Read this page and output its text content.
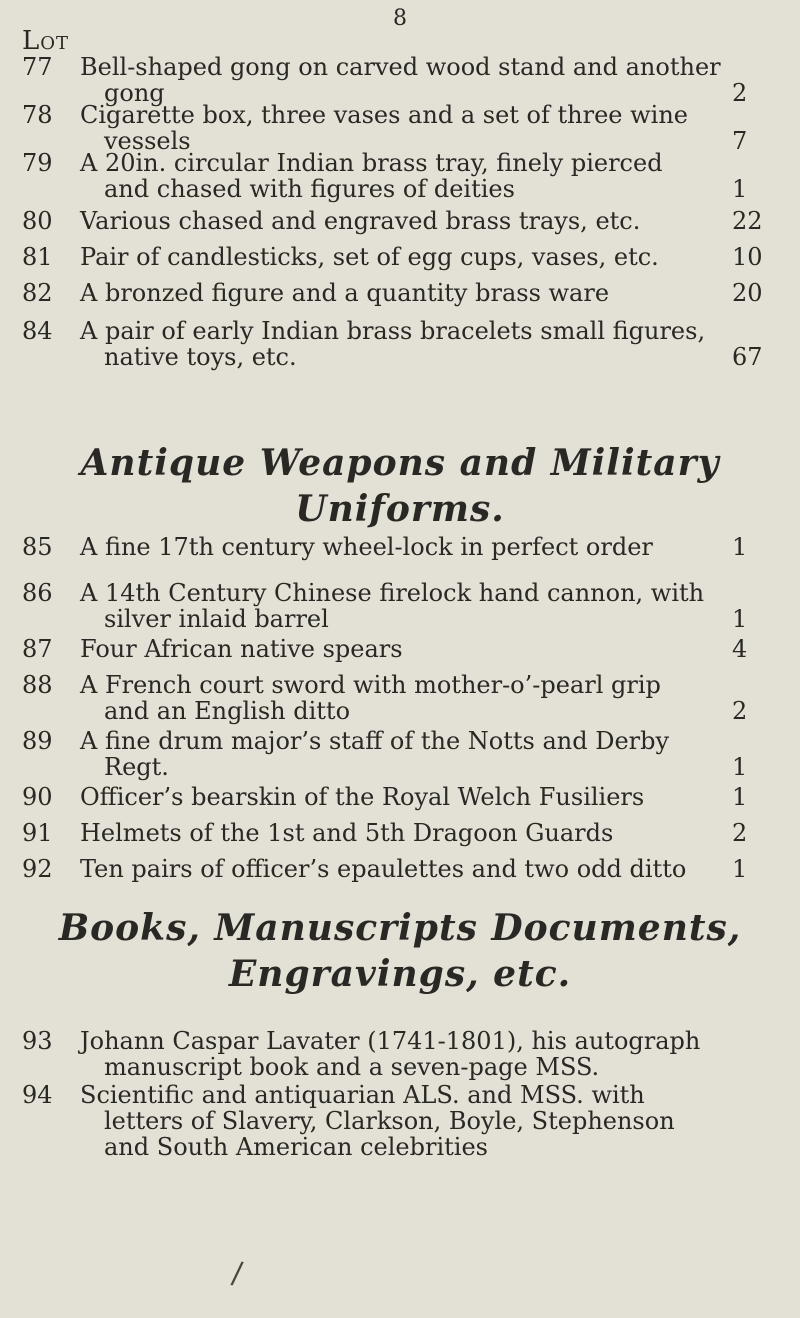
8
Lot
77	Bell-shaped gong on carved wood stand and another
gong	2
78	Cigarette box, three vases and a set of three wine
vessels	7
79	A 20in. circular Indian brass tray, finely pierced
and chased with figures of deities	1
80	Various chased and engraved brass trays, etc.	22
81	Pair of candlesticks, set of egg cups, vases, etc.	10
82	A bronzed figure and a quantity brass ware	20
84	A pair of early Indian brass bracelets small figures,
native toys, etc.	67
Antique Weapons and Military
Uniforms.
85	A fine 17th century wheel-lock in perfect order	1
86	A 14th Century Chinese firelock hand cannon, with
silver inlaid barrel	1
87	Four African native spears	4
88	A French court sword with mother-o’-pearl grip
and an English ditto	2
89	A fine drum major’s staff of the Notts and Derby
Regt.	1
90	Officer’s bearskin of the Royal Welch Fusiliers	1
91	Helmets of the 1st and 5th Dragoon Guards	2
92	Ten pairs of officer’s epaulettes and two odd ditto 1
Books, Manuscripts Documents,
Engravings, etc.
93	Johann Caspar Lavater (1741-1801), his autograph
manuscript book and a seven-page MSS.
94	Scientific and antiquarian ALS. and MSS. with
letters of Slavery, Clarkson, Boyle, Stephenson
and South American celebrities
/
